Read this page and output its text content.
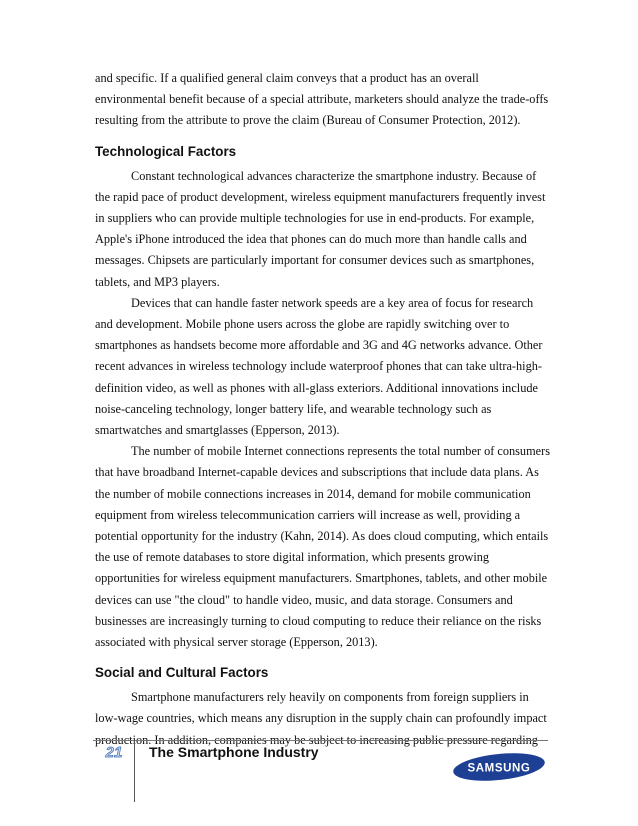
and specific. If a qualified general claim conveys that a product has an overall environmental benefit because of a special attribute, marketers should analyze the trade-offs resulting from the attribute to prove the claim (Bureau of Consumer Protection, 2012).

Technological Factors

Constant technological advances characterize the smartphone industry. Because of the rapid pace of product development, wireless equipment manufacturers frequently invest in suppliers who can provide multiple technologies for use in end-products. For example, Apple's iPhone introduced the idea that phones can do much more than handle calls and messages. Chipsets are particularly important for consumer devices such as smartphones, tablets, and MP3 players.

Devices that can handle faster network speeds are a key area of focus for research and development. Mobile phone users across the globe are rapidly switching over to smartphones as handsets become more affordable and 3G and 4G networks advance. Other recent advances in wireless technology include waterproof phones that can take ultra-high-definition video, as well as phones with all-glass exteriors. Additional innovations include noise-canceling technology, longer battery life, and wearable technology such as smartwatches and smartglasses (Epperson, 2013).

The number of mobile Internet connections represents the total number of consumers that have broadband Internet-capable devices and subscriptions that include data plans. As the number of mobile connections increases in 2014, demand for mobile communication equipment from wireless telecommunication carriers will increase as well, providing a potential opportunity for the industry (Kahn, 2014). As does cloud computing, which entails the use of remote databases to store digital information, which presents growing opportunities for wireless equipment manufacturers. Smartphones, tablets, and other mobile devices can use "the cloud" to handle video, music, and data storage. Consumers and businesses are increasingly turning to cloud computing to reduce their reliance on the risks associated with physical server storage (Epperson, 2013).

Social and Cultural Factors

Smartphone manufacturers rely heavily on components from foreign suppliers in low-wage countries, which means any disruption in the supply chain can profoundly impact production. In addition, companies may be subject to increasing public pressure regarding

21	The Smartphone Industry
SAMSUNG
